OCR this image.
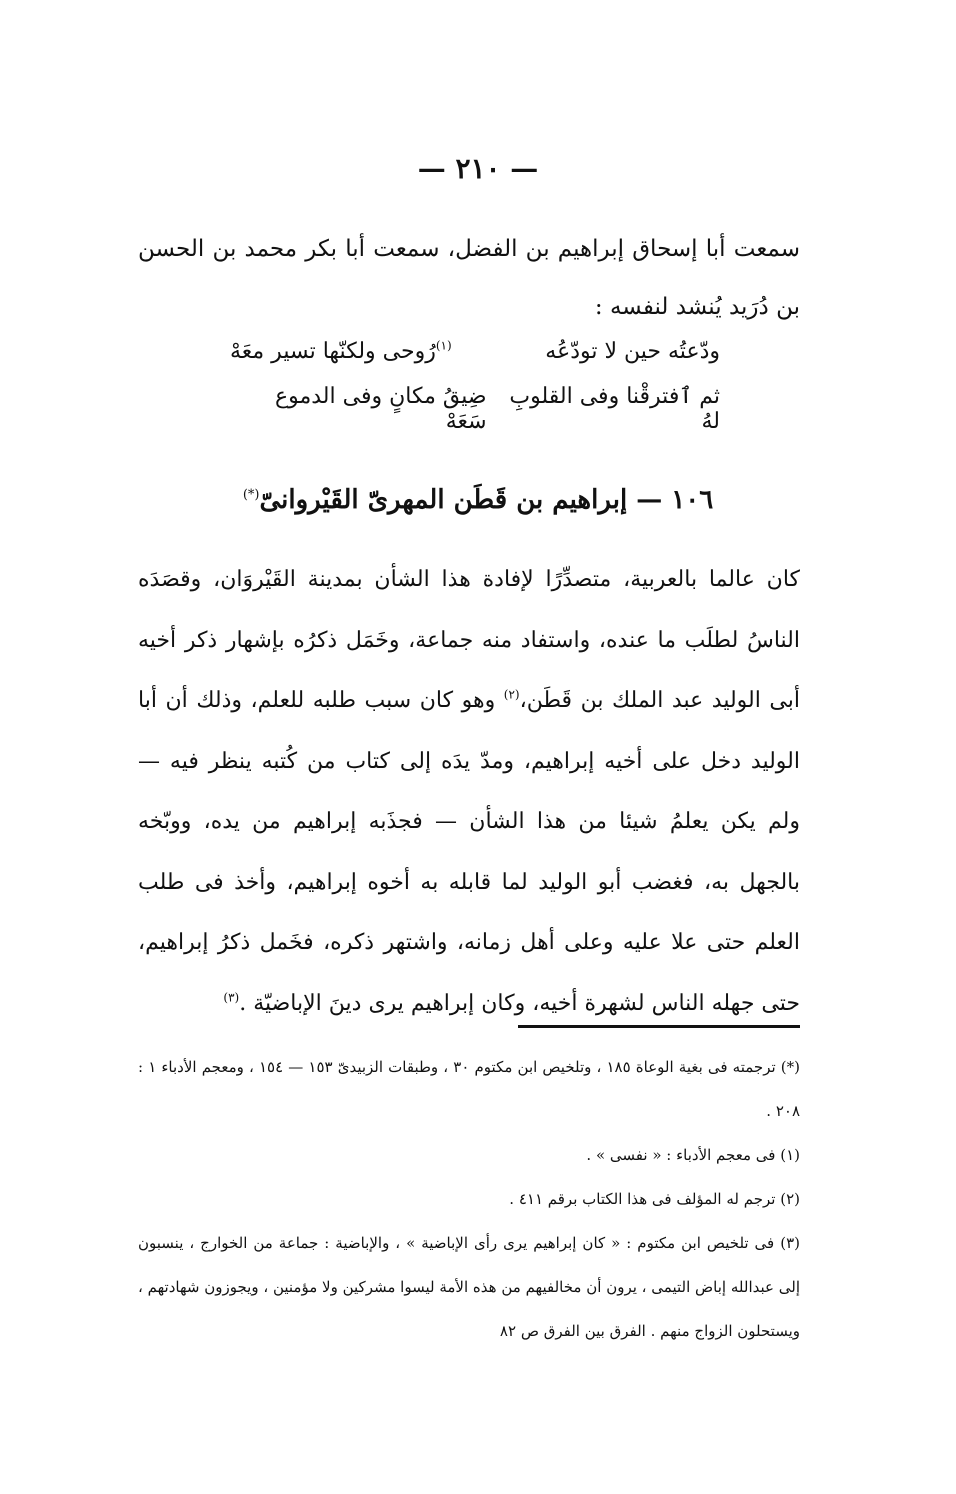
— ٢١٠ —
سمعت أبا إسحاق إبراهيم بن الفضل، سمعت أبا بكر محمد بن الحسن بن دُرَيد يُنشد لنفسه :
ودّعتُه حين لا تودّعُه
$^{(١)}$رُوحى ولكنّها تسير معَهْ
ثم ٱفترقْنا وفى القلوبِ لهُ
ضِيقُ مكانٍ وفى الدموع سَعَهْ
١٠٦ — إبراهيم بن قَطَن المهرىّ القَيْروانىّ(*)
كان عالما بالعربية، متصدِّرًا لإفادة هذا الشأن بمدينة القَيْروَان، وقصَدَه الناسُ لطلَب ما عنده، واستفاد منه جماعة، وخَمَل ذكرُه بإشهار ذكر أخيه أبى الوليد عبد الملك بن قَطَن،$^{(٢)}$ وهو كان سبب طلبه للعلم، وذلك أن أبا الوليد دخل على أخيه إبراهيم، ومدّ يدَه إلى كتاب من كُتبه ينظر فيه — ولم يكن يعلمُ شيئا من هذا الشأن — فجذَبه إبراهيم من يده، ووبّخه بالجهل به، فغضب أبو الوليد لما قابله به أخوه إبراهيم، وأخذ فى طلب العلم حتى علا عليه وعلى أهل زمانه، واشتهر ذكره، فخَمل ذكرُ إبراهيم، حتى جهله الناس لشهرة أخيه، وكان إبراهيم يرى دينَ الإباضيّة .$^{(٣)}$
(*) ترجمته فى بغية الوعاة ١٨٥ ، وتلخيص ابن مكتوم ٣٠ ، وطبقات الزبيدىّ ١٥٣ — ١٥٤ ، ومعجم الأدباء ١ : ٢٠٨ .
(١) فى معجم الأدباء : « نفسى » .
(٢) ترجم له المؤلف فى هذا الكتاب برقم ٤١١ .
(٣) فى تلخيص ابن مكتوم : « كان إبراهيم يرى رأى الإباضية » ، والإباضية : جماعة من الخوارج ، ينسبون إلى عبدالله إباض التيمى ، يرون أن مخالفيهم من هذه الأمة ليسوا مشركين ولا مؤمنين ، ويجوزون شهادتهم ، ويستحلون الزواج منهم . الفرق بين الفرق ص ٨٢
